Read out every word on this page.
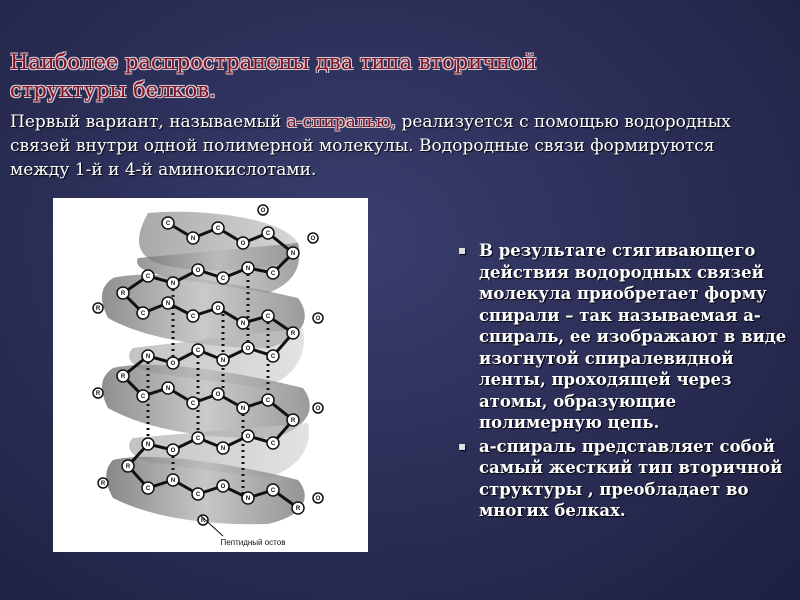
Наиболее распространены два типа вторичной структуры белков.
Первый вариант, называемый а-спиралью, реализуется с помощью водородных связей внутри одной полимерной молекулы. Водородные связи формируются между 1-й и 4-й аминокислотами.
C
N
C
O
C
N
C
N
C
O
N
C
R
C
N
C
O
N
C
R
C
O
N
C
O
N
R
C
N
C
O
N
C
R
C
O
N
C
O
N
R
C
N
C
O
N
C
R
O
O
R
O
R
O
R
O
R
Пептидный остов
▪ В результате стягивающего действия водородных связей молекула приобретает форму спирали – так называемая а-спираль, ее изображают в виде изогнутой спиралевидной ленты, проходящей через атомы, образующие полимерную цепь.
▪ а-спираль представляет собой самый жесткий тип вторичной структуры , преобладает во многих белках.
